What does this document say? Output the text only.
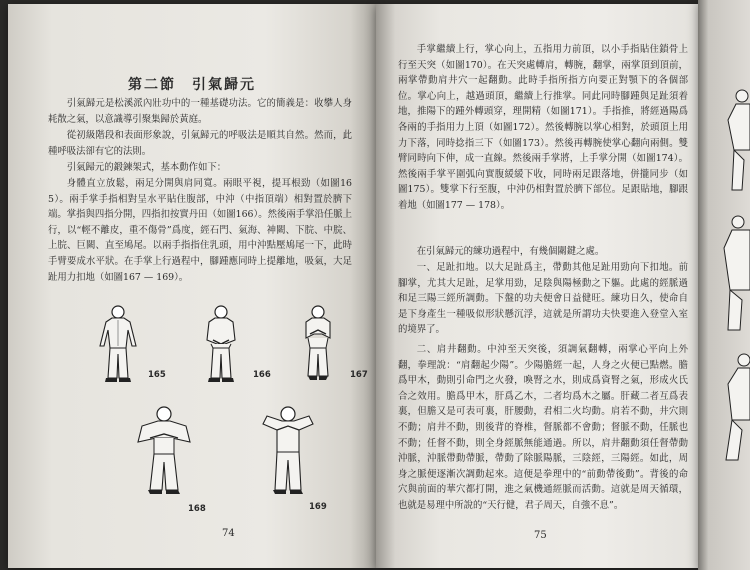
第二節　引氣歸元

引氣歸元是松溪派內壯功中的一種基礎功法。它的簡義是：收攀人身耗散之氣，以意識導引聚集歸於黃庭。

從初級階段和表面形象說，引氣歸元的呼吸法是順其自然。然而，此種呼吸法卻有它的法則。

引氣歸元的鍛鍊架式，基本動作如下：

身體直立放鬆，兩足分開與肩同寬。兩眼平視，提耳根勁（如圖165）。兩手掌手指相對呈水平貼住腹部，中沖（中指頂端）相對置於臍下端。掌指與四指分開，四指扣按實丹田（如圖166）。然後兩手掌沿任脈上行，以“輕不離皮，重不傷骨”爲度，經石門、氣海、神闕、下脘、中脘、上脘、巨闕、直至鳩尾。以兩手指指住乳頭，用中沖點壓鳩尾一下，此時手臂要成水平狀。在手掌上行過程中，腳踵應同時上提離地，吸氣，大足趾用力扣地（如圖167 — 169）。

165	166	167
168	169
74

手掌繼續上行，掌心向上，五指用力前頂，以小手指貼住鎖骨上行至天突（如圖170）。在天突處轉肩，轉腕，翻掌，兩掌頂到頂前，兩掌帶動肩井穴一起翻動。此時手指所指方向要正對顎下的各個部位。掌心向上，越過頭頂，繼續上行推掌。同此同時腳踵與足趾須着地，推陽下的踵外轉頭穿，理開精（如圖171）。手指推，將經過陽爲各兩的手指用力上頂（如圖172）。然後轉腕以掌心相對，於頭頂上用力下落，同時捻指三下（如圖173）。然後再轉腕使掌心翻向兩側。雙臂同時向下伸，成一直線。然後兩手掌將，上手掌分開（如圖174）。然後兩手掌平圍弧向實腹緩緩下收，同時兩足跟落地，併攏同步（如圖175）。雙掌下行至腹，中沖仍相對置於臍下部位。足跟貼地，腳跟着地（如圖177 — 178）。

在引氣歸元的練功過程中，有幾個關鍵之處。

一、足趾扣地。以大足趾爲主，帶動其他足趾用勁向下扣地。前腳掌，尤其大足趾，足掌用勁，足陰與陽極動之下軀。此處的經脈過和足三陽三經所調動。下盤的功夫便會日益健旺。練功日久，使命自是下身產生一種吸似形狀懸沉浮，這就是所謂功夫快要進入登堂入室的境界了。

二、肩井翻動。中沖至天突後，須調氣翻轉，兩掌心平向上外翻，拳理說：“肩翻起少陽”。少陽膽經一起，人身之火便已點燃。膽爲甲木，動則引命門之火發，喚腎之水，則成爲資腎之氣，形成火氏合之效用。膽爲甲木，肝爲乙木，二者均爲木之屬。肝藏二者互爲表裏，但膽又是可表可裏，肝腰動，君相二火均動。肩若不動，井穴則不動；肩井不動，則後背的脊椎，督脈都不會動；督脈不動，任脈也不動；任督不動，則全身經脈無能通過。所以，肩井翻動須任督帶動沖脈，沖脈帶動帶脈，帶動了除脈陽脈，三陰經，三陽經。如此，周身之脈便逐漸次調動起來。這便是拳理中的“前動帶後動”。背後的命穴與前面的華穴都打開，進之氣機通經脈而活動。這就是周天循環，也就是易理中所說的“天行健，君子周天，自強不息”。

75
